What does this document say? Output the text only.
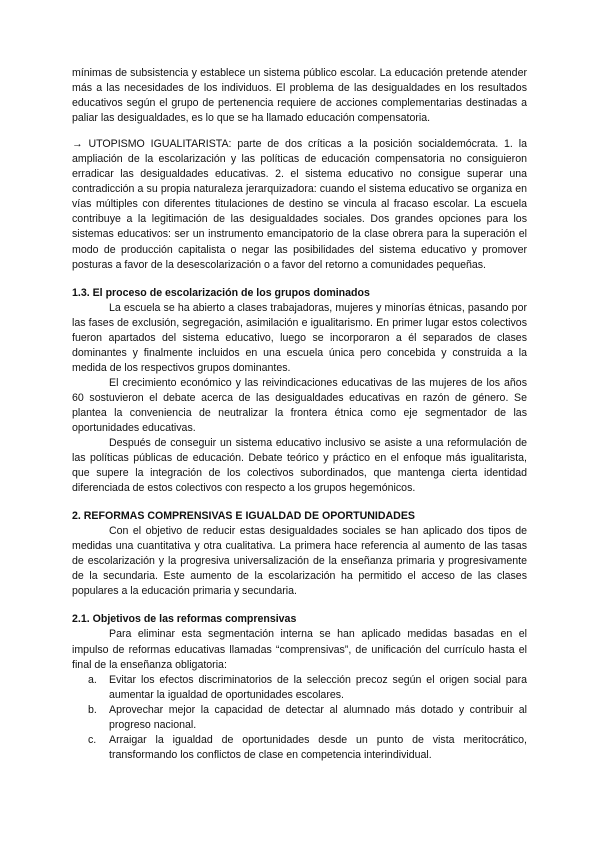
mínimas de subsistencia y establece un sistema público escolar. La educación pretende atender más a las necesidades de los individuos. El problema de las desigualdades en los resultados educativos según el grupo de pertenencia requiere de acciones complementarias destinadas a paliar las desigualdades, es lo que se ha llamado educación compensatoria.

→ UTOPISMO IGUALITARISTA: parte de dos críticas a la posición socialdemócrata. 1. la ampliación de la escolarización y las políticas de educación compensatoria no consiguieron erradicar las desigualdades educativas. 2. el sistema educativo no consigue superar una contradicción a su propia naturaleza jerarquizadora: cuando el sistema educativo se organiza en vías múltiples con diferentes titulaciones de destino se vincula al fracaso escolar. La escuela contribuye a la legitimación de las desigualdades sociales. Dos grandes opciones para los sistemas educativos: ser un instrumento emancipatorio de la clase obrera para la superación el modo de producción capitalista o negar las posibilidades del sistema educativo y promover posturas a favor de la desescolarización o a favor del retorno a comunidades pequeñas.

1.3. El proceso de escolarización de los grupos dominados

La escuela se ha abierto a clases trabajadoras, mujeres y minorías étnicas, pasando por las fases de exclusión, segregación, asimilación e igualitarismo. En primer lugar estos colectivos fueron apartados del sistema educativo, luego se incorporaron a él separados de clases dominantes y finalmente incluidos en una escuela única pero concebida y construida a la medida de los respectivos grupos dominantes.

El crecimiento económico y las reivindicaciones educativas de las mujeres de los años 60 sostuvieron el debate acerca de las desigualdades educativas en razón de género. Se plantea la conveniencia de neutralizar la frontera étnica como eje segmentador de las oportunidades educativas.

Después de conseguir un sistema educativo inclusivo se asiste a una reformulación de las políticas públicas de educación. Debate teórico y práctico en el enfoque más igualitarista, que supere la integración de los colectivos subordinados, que mantenga cierta identidad diferenciada de estos colectivos con respecto a los grupos hegemónicos.

2. REFORMAS COMPRENSIVAS E IGUALDAD DE OPORTUNIDADES

Con el objetivo de reducir estas desigualdades sociales se han aplicado dos tipos de medidas una cuantitativa y otra cualitativa. La primera hace referencia al aumento de las tasas de escolarización y la progresiva universalización de la enseñanza primaria y progresivamente de la secundaria. Este aumento de la escolarización ha permitido el acceso de las clases populares a la educación primaria y secundaria.

2.1. Objetivos de las reformas comprensivas

Para eliminar esta segmentación interna se han aplicado medidas basadas en el impulso de reformas educativas llamadas “comprensivas”, de unificación del currículo hasta el final de la enseñanza obligatoria:

a. Evitar los efectos discriminatorios de la selección precoz según el origen social para aumentar la igualdad de oportunidades escolares.
b. Aprovechar mejor la capacidad de detectar al alumnado más dotado y contribuir al progreso nacional.
c. Arraigar la igualdad de oportunidades desde un punto de vista meritocrático, transformando los conflictos de clase en competencia interindividual.
